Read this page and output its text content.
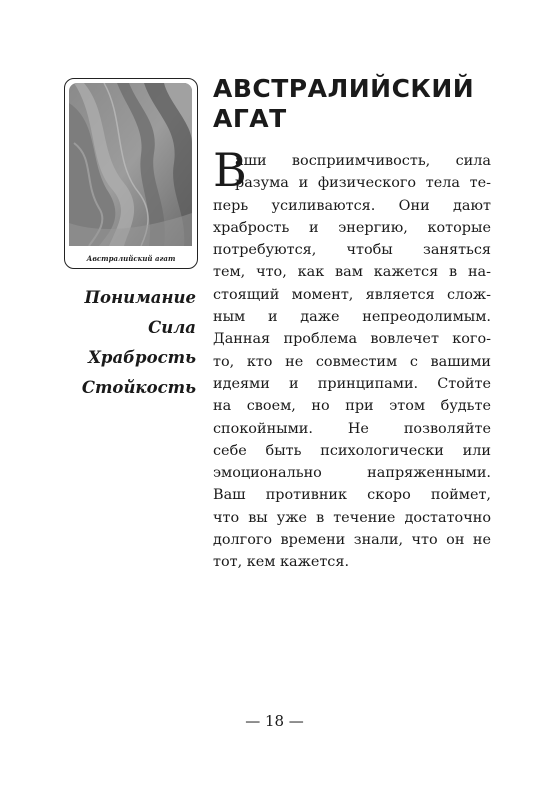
Австралийский агат
Понимание
Сила
Храбрость
Стойкость
АВСТРАЛИЙСКИЙ
АГАТ
В
аши восприимчивость, сила
разума и физического тела те-
перь усиливаются. Они дают
храбрость и энергию, которые
потребуются, чтобы заняться
тем, что, как вам кажется в на-
стоящий момент, является слож-
ным и даже непреодолимым.
Данная проблема вовлечет кого-
то, кто не совместим с вашими
идеями и принципами. Стойте
на своем, но при этом будьте
спокойными. Не позволяйте
себе быть психологически или
эмоционально напряженными.
Ваш противник скоро поймет,
что вы уже в течение достаточно
долгого времени знали, что он не
тот, кем кажется.
— 18 —
